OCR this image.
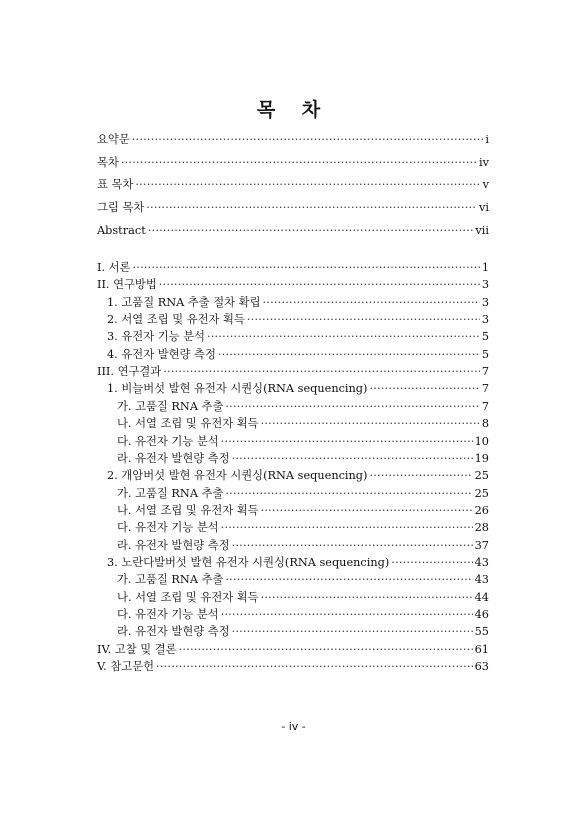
목 차
요약문 ·····	i
목차 ·····	iv
표 목차 ·····	v
그림 목차 ·····	vi
Abstract ·····	vii
I. 서론 ·····	1
II. 연구방법 ·····	3
1. 고품질 RNA 추출 절차 확립 ·····	3
2. 서열 조립 및 유전자 획득 ·····	3
3. 유전자 기능 분석 ·····	5
4. 유전자 발현량 측정 ·····	5
III. 연구결과 ·····	7
1. 비늘버섯 발현 유전자 시퀀싱(RNA sequencing) ·····	7
가. 고품질 RNA 추출 ·····	7
나. 서열 조립 및 유전자 획득 ·····	8
다. 유전자 기능 분석 ·····	10
라. 유전자 발현량 측정 ·····	19
2. 개암버섯 발현 유전자 시퀀싱(RNA sequencing) ·····	25
가. 고품질 RNA 추출 ·····	25
나. 서열 조립 및 유전자 획득 ·····	26
다. 유전자 기능 분석 ·····	28
라. 유전자 발현량 측정 ·····	37
3. 노란다발버섯 발현 유전자 시퀀싱(RNA sequencing) ·····	43
가. 고품질 RNA 추출 ·····	43
나. 서열 조립 및 유전자 획득 ·····	44
다. 유전자 기능 분석 ·····	46
라. 유전자 발현량 측정 ·····	55
IV. 고찰 및 결론 ·····	61
V. 참고문헌 ·····	63
- iv -
